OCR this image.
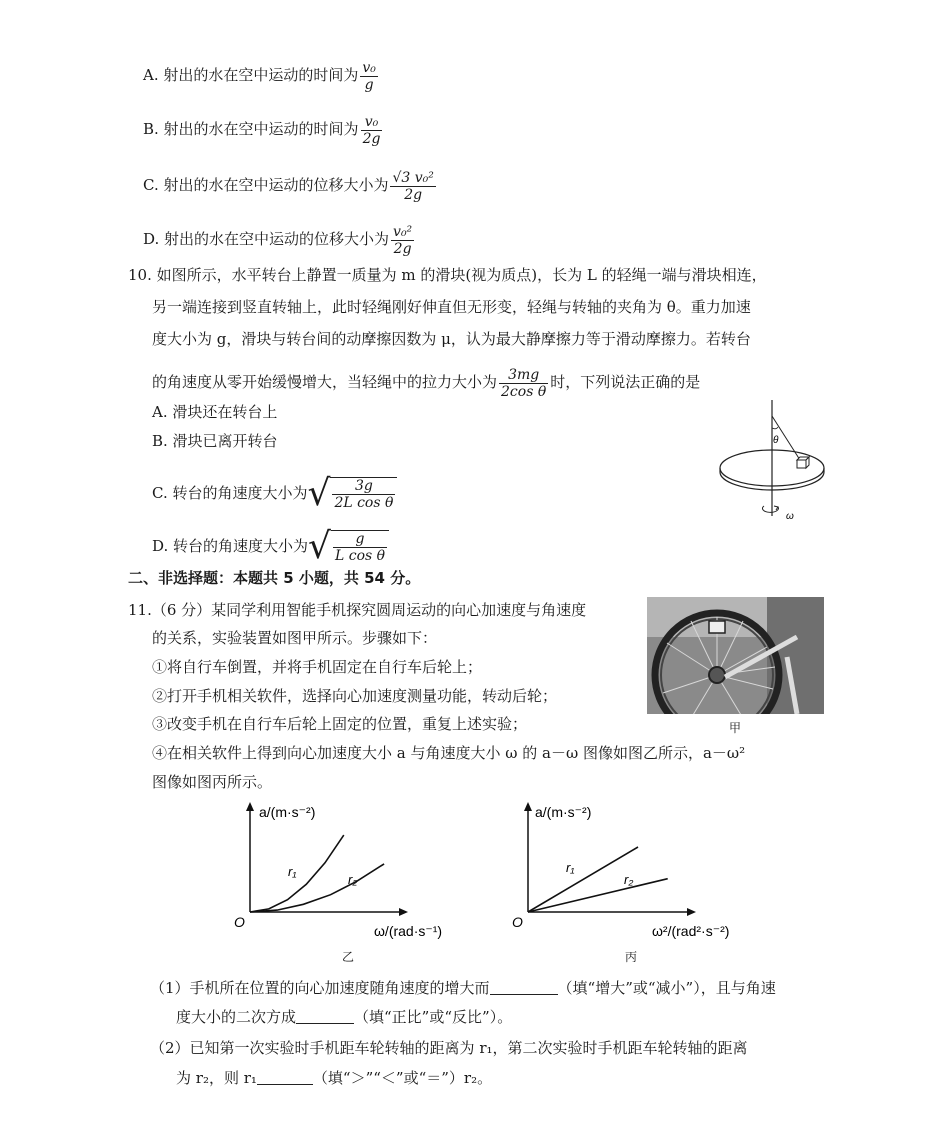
A. 射出的水在空中运动的时间为 $\frac{\text{v₀}}{g}$
B. 射出的水在空中运动的时间为 $\frac{\text{v₀}}{2g}$
C. 射出的水在空中运动的位移大小为 $\frac{\text{√3 v₀²}}{2g}$
D. 射出的水在空中运动的位移大小为 $\frac{\text{v₀²}}{2g}$
10. 如图所示，水平转台上静置一质量为 m 的滑块(视为质点)，长为 L 的轻绳一端与滑块相连，
另一端连接到竖直转轴上，此时轻绳刚好伸直但无形变，轻绳与转轴的夹角为 θ。重力加速
度大小为 g，滑块与转台间的动摩擦因数为 μ，认为最大静摩擦力等于滑动摩擦力。若转台
的角速度从零开始缓慢增大，当轻绳中的拉力大小为 $\frac{3mg}{\text{2cos θ}}$ 时，下列说法正确的是
A. 滑块还在转台上
B. 滑块已离开转台
C. 转台的角速度大小为√ $\frac{3g}{\text{2L cos θ}}$
D. 转台的角速度大小为√ $\frac{g}{\text{L cos θ}}$
θ
ω
二、非选择题：本题共 5 小题，共 54 分。
11.（6 分）某同学利用智能手机探究圆周运动的向心加速度与角速度
的关系，实验装置如图甲所示。步骤如下：
①将自行车倒置，并将手机固定在自行车后轮上；
②打开手机相关软件，选择向心加速度测量功能，转动后轮；
③改变手机在自行车后轮上固定的位置，重复上述实验；
④在相关软件上得到向心加速度大小 a 与角速度大小 ω 的 a－ω 图像如图乙所示，a－ω²
图像如图丙所示。
甲
a/(m·s⁻²)
O
ω/(rad·s⁻¹)
r₁
r₂
乙
a/(m·s⁻²)
O
ω²/(rad²·s⁻²)
r₁
r₂
丙
（1）手机所在位置的向心加速度随角速度的增大而	（填“增大”或“减小”），且与角速
度大小的二次方成	（填“正比”或“反比”）。
（2）已知第一次实验时手机距车轮转轴的距离为 r₁，第二次实验时手机距车轮转轴的距离
为 r₂，则 r₁	（填“＞”“＜”或“＝”）r₂。
